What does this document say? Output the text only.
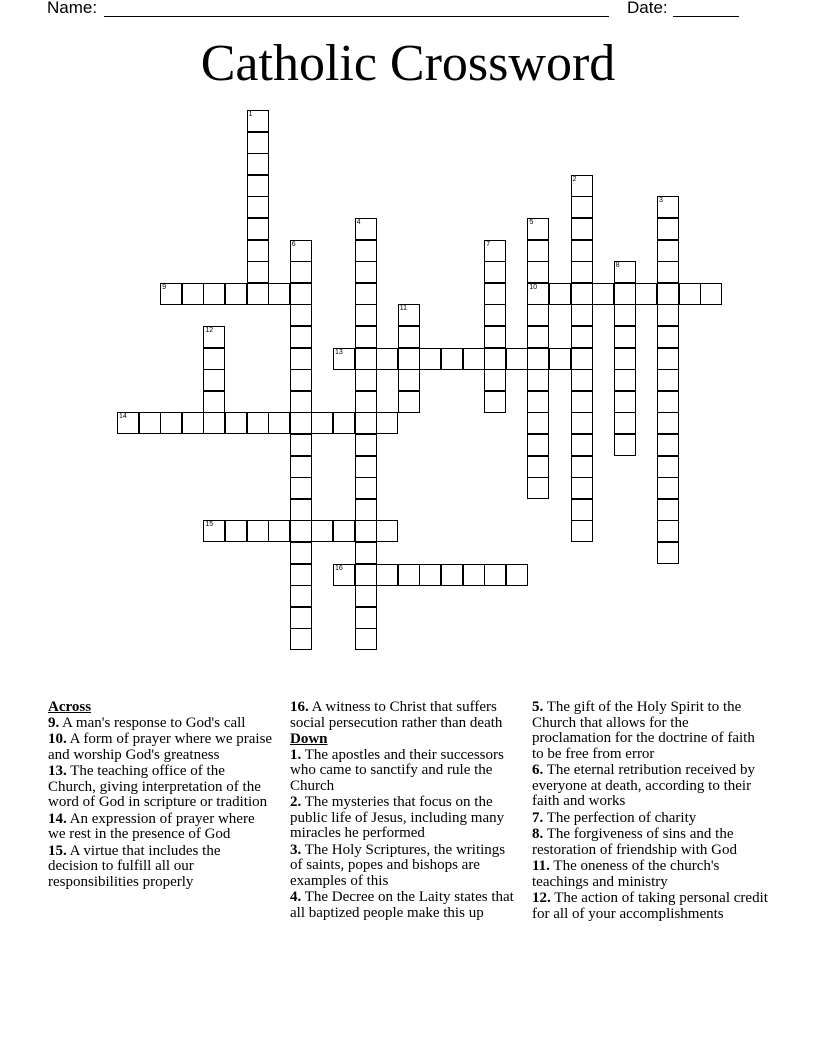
Name:	Date:
Catholic Crossword
1
2
3
4	5
10
6	7
8
9
11
12
13
14
15
16
Across
9. A man's response to God's call
10. A form of prayer where we praise and worship God's greatness
13. The teaching office of the Church, giving interpretation of the word of God in scripture or tradition
14. An expression of prayer where we rest in the presence of God
15. A virtue that includes the decision to fulfill all our responsibilities properly
16. A witness to Christ that suffers social persecution rather than death
Down
1. The apostles and their successors who came to sanctify and rule the Church
2. The mysteries that focus on the public life of Jesus, including many miracles he performed
3. The Holy Scriptures, the writings of saints, popes and bishops are examples of this
4. The Decree on the Laity states that all baptized people make this up
5. The gift of the Holy Spirit to the Church that allows for the proclamation for the doctrine of faith to be free from error
6. The eternal retribution received by everyone at death, according to their faith and works
7. The perfection of charity
8. The forgiveness of sins and the restoration of friendship with God
11. The oneness of the church's teachings and ministry
12. The action of taking personal credit for all of your accomplishments
